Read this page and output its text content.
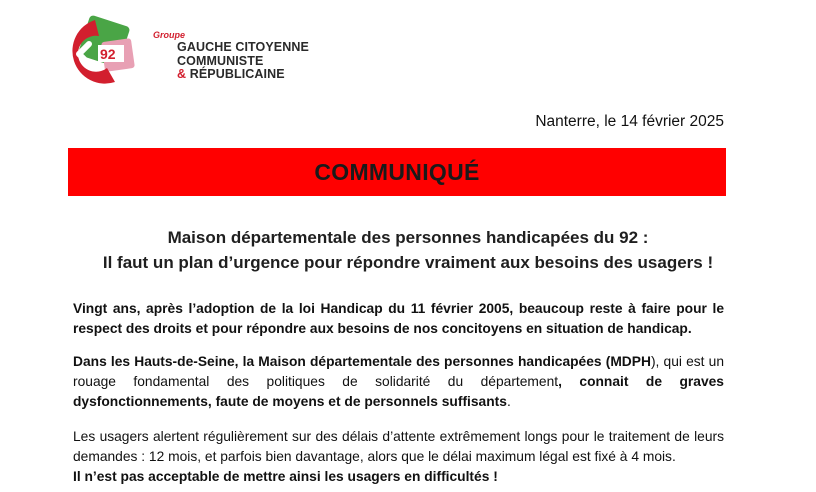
92
Groupe
GAUCHE CITOYENNE
COMMUNISTE
& RÉPUBLICAINE
Nanterre, le 14 février 2025
COMMUNIQUÉ
Maison départementale des personnes handicapées du 92 :
Il faut un plan d’urgence pour répondre vraiment aux besoins des usagers !
Vingt ans, après l’adoption de la loi Handicap du 11 février 2005, beaucoup reste à faire pour le respect des droits et pour répondre aux besoins de nos concitoyens en situation de handicap.
Dans les Hauts-de-Seine, la Maison départementale des personnes handicapées (MDPH), qui est un rouage fondamental des politiques de solidarité du département, connait de graves dysfonctionnements, faute de moyens et de personnels suffisants.
Les usagers alertent régulièrement sur des délais d’attente extrêmement longs pour le traitement de leurs demandes : 12 mois, et parfois bien davantage, alors que le délai maximum légal est fixé à 4 mois.
Il n’est pas acceptable de mettre ainsi les usagers en difficultés !
